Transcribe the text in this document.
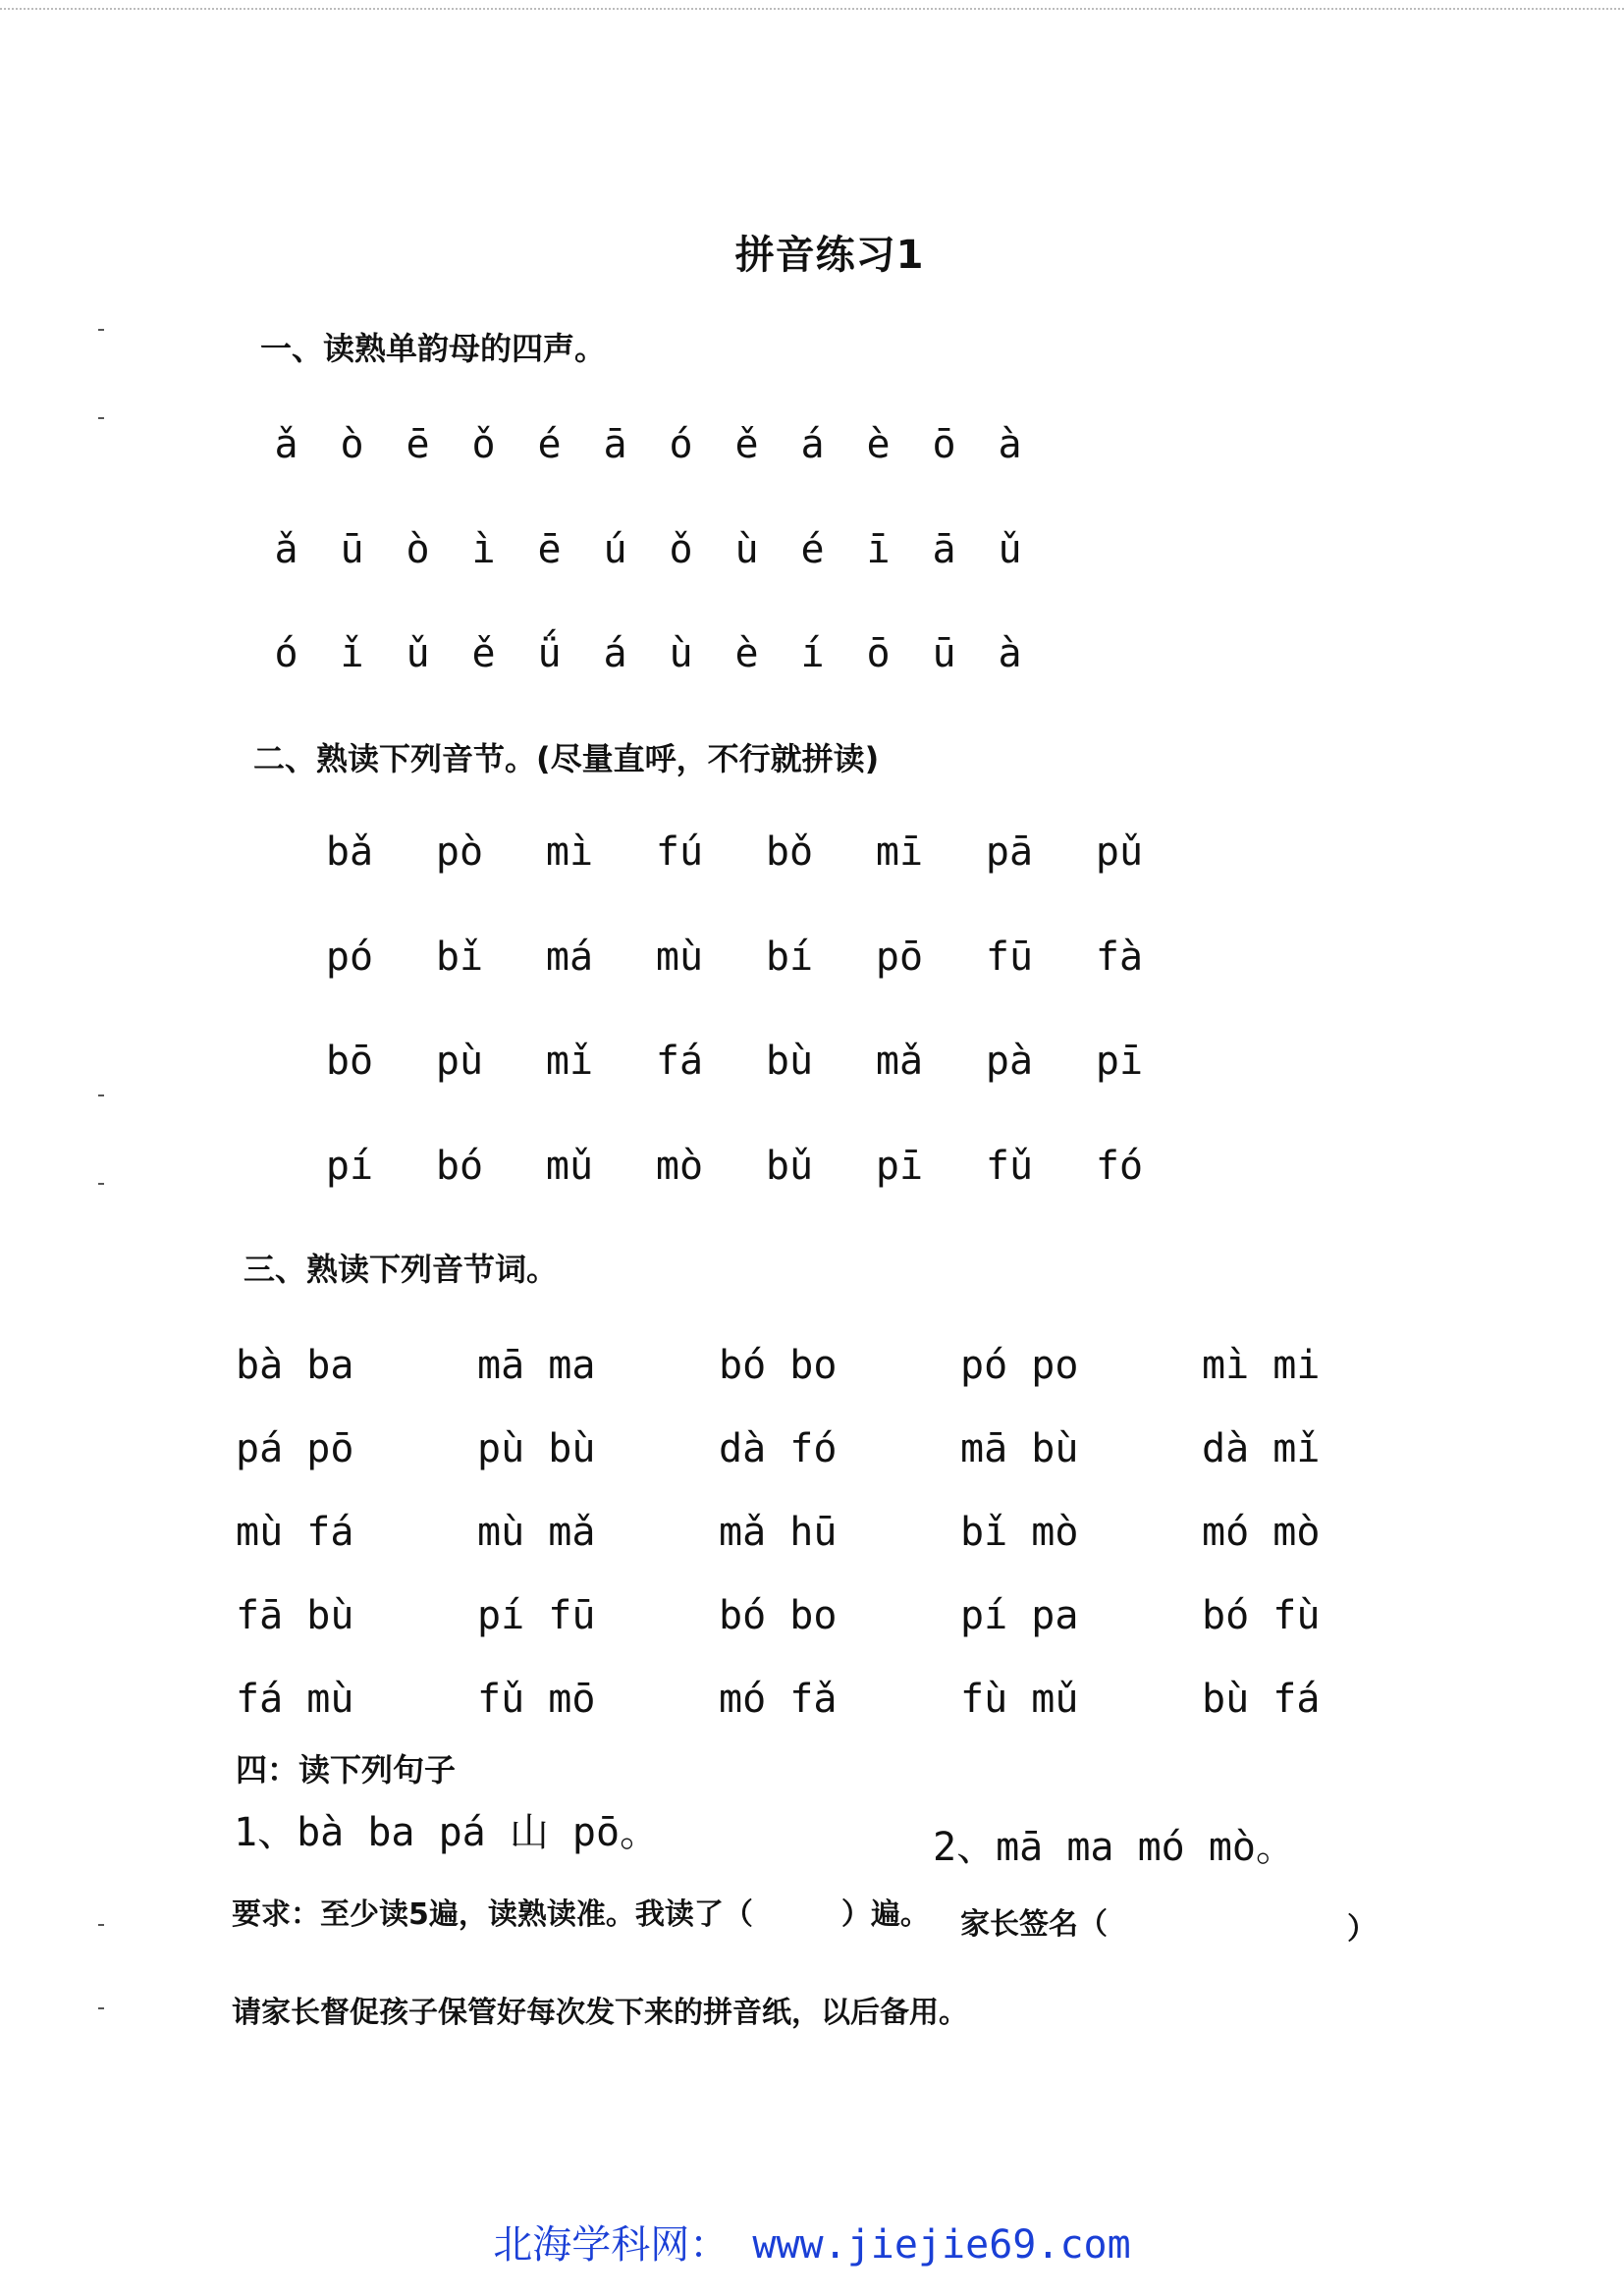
拼音练习1
一、读熟单韵母的四声。
ǎ	ò	ē	ǒ	é	ā	ó	ě	á	è	ō	à
ǎ	ū	ò	ì	ē	ú	ǒ	ù	é	ī	ā	ǔ
ó	ǐ	ǔ	ě	ǘ	á	ù	è	í	ō	ū	à
二、熟读下列音节。(尽量直呼，不行就拼读)
bǎ	pò	mì	fú	bǒ	mī	pā	pǔ
pó	bǐ	má	mù	bí	pō	fū	fà
bō	pù	mǐ	fá	bù	mǎ	pà	pī
pí	bó	mǔ	mò	bǔ	pī	fǔ	fó
三、熟读下列音节词。
bà ba	mā ma	bó bo	pó po	mì mi
pá pō	pù bù	dà fó	mā bù	dà mǐ
mù fá	mù mǎ	mǎ hū	bǐ mò	mó mò
fā bù	pí fū	bó bo	pí pa	bó fù
fá mù	fǔ mō	mó fǎ	fù mǔ	bù fá
四：读下列句子
1、bà ba pá 山 pō。	2、mā ma mó mò。
要求：至少读5遍，读熟读准。我读了（　　　）遍。 家长签名（	）
请家长督促孩子保管好每次发下来的拼音纸，以后备用。
北海学科网： www.jiejie69.com
